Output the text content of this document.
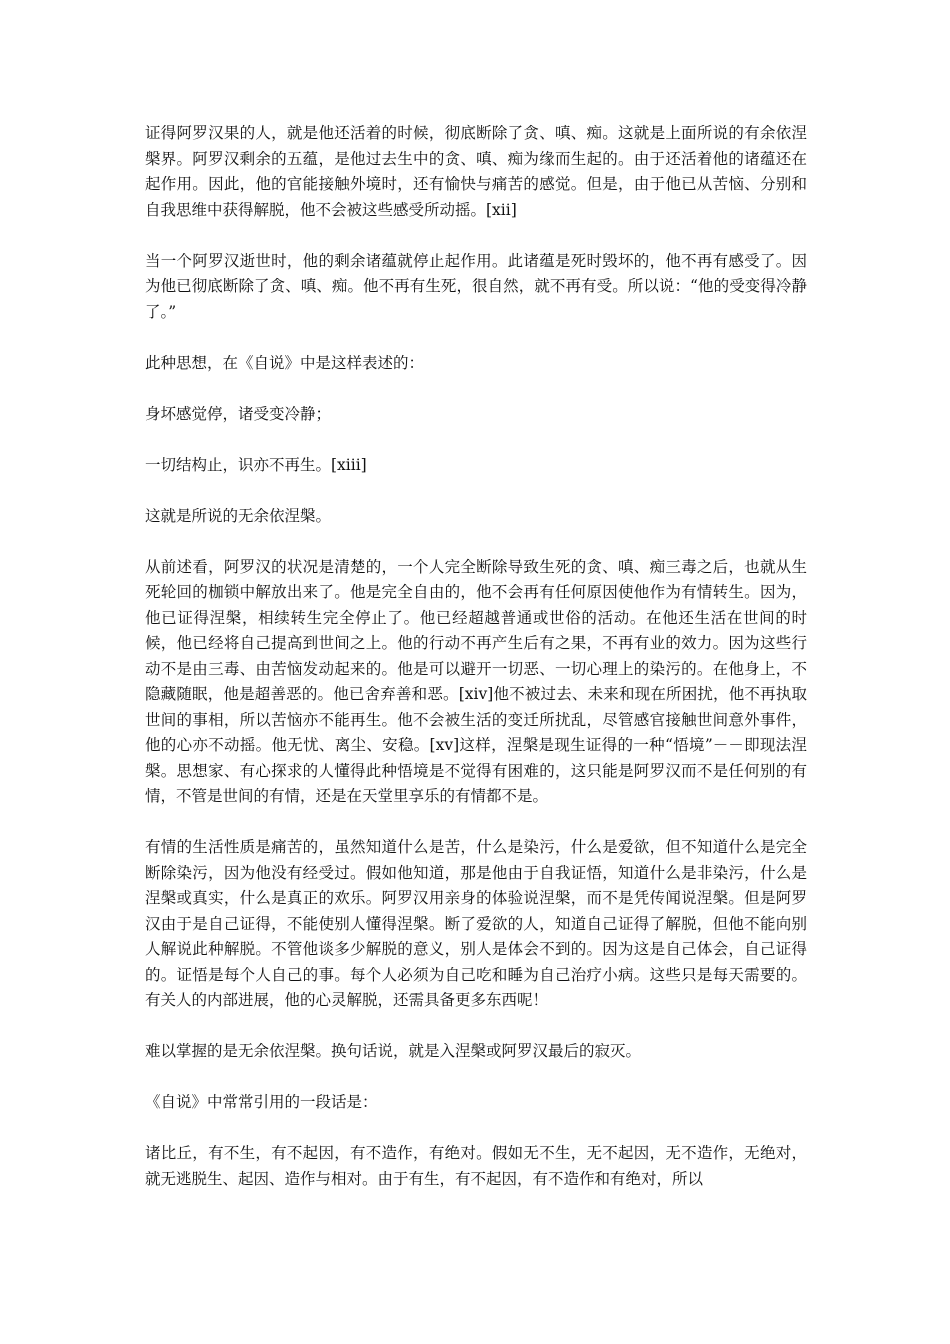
证得阿罗汉果的人，就是他还活着的时候，彻底断除了贪、嗔、痴。这就是上面所说的有余依涅槃界。阿罗汉剩余的五蕴，是他过去生中的贪、嗔、痴为缘而生起的。由于还活着他的诸蕴还在起作用。因此，他的官能接触外境时，还有愉快与痛苦的感觉。但是，由于他已从苦恼、分别和自我思维中获得解脱，他不会被这些感受所动摇。[xii]

当一个阿罗汉逝世时，他的剩余诸蕴就停止起作用。此诸蕴是死时毁坏的，他不再有感受了。因为他已彻底断除了贪、嗔、痴。他不再有生死，很自然，就不再有受。所以说：“他的受变得冷静了。”

此种思想，在《自说》中是这样表述的：

身坏感觉停，诸受变冷静；

一切结构止，识亦不再生。[xiii]

这就是所说的无余依涅槃。

从前述看，阿罗汉的状况是清楚的，一个人完全断除导致生死的贪、嗔、痴三毒之后，也就从生死轮回的枷锁中解放出来了。他是完全自由的，他不会再有任何原因使他作为有情转生。因为，他已证得涅槃，相续转生完全停止了。他已经超越普通或世俗的活动。在他还生活在世间的时候，他已经将自己提高到世间之上。他的行动不再产生后有之果，不再有业的效力。因为这些行动不是由三毒、由苦恼发动起来的。他是可以避开一切恶、一切心理上的染污的。在他身上，不隐藏随眠，他是超善恶的。他已舍弃善和恶。[xiv]他不被过去、未来和现在所困扰，他不再执取世间的事相，所以苦恼亦不能再生。他不会被生活的变迁所扰乱，尽管感官接触世间意外事件，他的心亦不动摇。他无忧、离尘、安稳。[xv]这样，涅槃是现生证得的一种“悟境”－－即现法涅槃。思想家、有心探求的人懂得此种悟境是不觉得有困难的，这只能是阿罗汉而不是任何别的有情，不管是世间的有情，还是在天堂里享乐的有情都不是。

有情的生活性质是痛苦的，虽然知道什么是苦，什么是染污，什么是爱欲，但不知道什么是完全断除染污，因为他没有经受过。假如他知道，那是他由于自我证悟，知道什么是非染污，什么是涅槃或真实，什么是真正的欢乐。阿罗汉用亲身的体验说涅槃，而不是凭传闻说涅槃。但是阿罗汉由于是自己证得，不能使别人懂得涅槃。断了爱欲的人，知道自己证得了解脱，但他不能向别人解说此种解脱。不管他谈多少解脱的意义，别人是体会不到的。因为这是自己体会，自己证得的。证悟是每个人自己的事。每个人必须为自己吃和睡为自己治疗小病。这些只是每天需要的。有关人的内部进展，他的心灵解脱，还需具备更多东西呢！

难以掌握的是无余依涅槃。换句话说，就是入涅槃或阿罗汉最后的寂灭。

《自说》中常常引用的一段话是：

诸比丘，有不生，有不起因，有不造作，有绝对。假如无不生，无不起因，无不造作，无绝对，就无逃脱生、起因、造作与相对。由于有生，有不起因，有不造作和有绝对，所以
